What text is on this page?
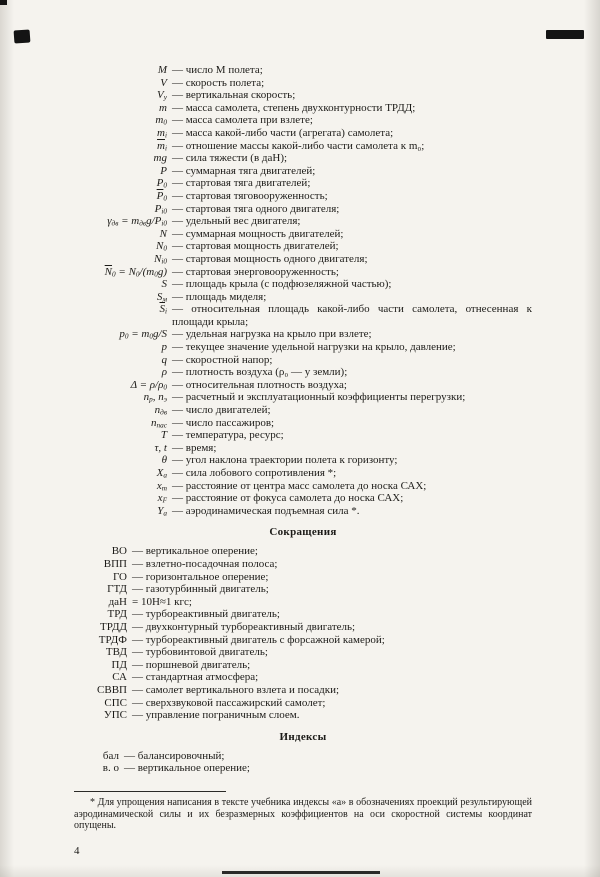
M — число M полета;
V — скорость полета;
$V_y$ — вертикальная скорость;
m — масса самолета, степень двухконтурности ТРДД;
$m_0$ — масса самолета при взлете;
$m_i$ — масса какой-либо части (агрегата) самолета;
$\overline{m}_i$ — отношение массы какой-либо части самолета к m₀;
mg — сила тяжести (в даН);
P — суммарная тяга двигателей;
$P_0$ — стартовая тяга двигателей;
$\overline{P}_0$ — стартовая тяговооруженность;
$P_{i0}$ — стартовая тяга одного двигателя;
$\gamma_{дв} = m_{дв}g/P_{i0}$ — удельный вес двигателя;
N — суммарная мощность двигателей;
$N_0$ — стартовая мощность двигателей;
$N_{i0}$ — стартовая мощность одного двигателя;
$\overline{N}_0 = N_0/(m_0g)$ — стартовая энерговооруженность;
S — площадь крыла (с подфюзеляжной частью);
$S_м$ — площадь миделя;
$\overline{S}_i$ — относительная площадь какой-либо части самолета, отнесенная к площади крыла;
$p_0 = m_0g/S$ — удельная нагрузка на крыло при взлете;
p — текущее значение удельной нагрузки на крыло, давление;
q — скоростной напор;
ρ — плотность воздуха (ρ₀ — у земли);
$\Delta = \rho/\rho_0$ — относительная плотность воздуха;
$n_р$, $n_э$ — расчетный и эксплуатационный коэффициенты перегрузки;
$n_{дв}$ — число двигателей;
$n_{пас}$ — число пассажиров;
T — температура, ресурс;
τ, t — время;
θ — угол наклона траектории полета к горизонту;
$X_а$ — сила лобового сопротивления *;
$x_т$ — расстояние от центра масс самолета до носка САХ;
$x_F$ — расстояние от фокуса самолета до носка САХ;
$Y_а$ — аэродинамическая подъемная сила *.
Сокращения
ВО — вертикальное оперение;
ВПП — взлетно-посадочная полоса;
ГО — горизонтальное оперение;
ГТД — газотурбинный двигатель;
даН = 10Н≈1 кгс;
ТРД — турбореактивный двигатель;
ТРДД — двухконтурный турбореактивный двигатель;
ТРДФ — турбореактивный двигатель с форсажной камерой;
ТВД — турбовинтовой двигатель;
ПД — поршневой двигатель;
СА — стандартная атмосфера;
СВВП — самолет вертикального взлета и посадки;
СПС — сверхзвуковой пассажирский самолет;
УПС — управление пограничным слоем.
Индексы
бал — балансировочный;
в. о — вертикальное оперение;

* Для упрощения написания в тексте учебника индексы «а» в обозначениях проекций результирующей аэродинамической силы и их безразмерных коэффициентов на оси скоростной системы координат опущены.

4
